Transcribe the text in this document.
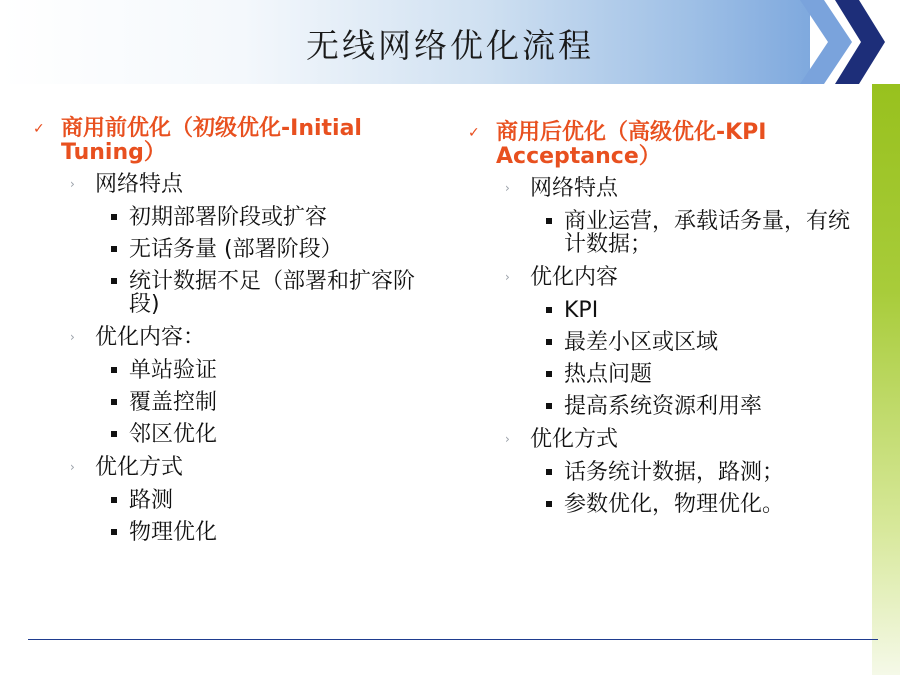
无线网络优化流程
✓ 商用前优化（初级优化-Initial Tuning）
› 网络特点
初期部署阶段或扩容
无话务量 (部署阶段）
统计数据不足（部署和扩容阶段)
› 优化内容：
单站验证
覆盖控制
邻区优化
› 优化方式
路测
物理优化
✓ 商用后优化（高级优化-KPI Acceptance）
› 网络特点
商业运营，承载话务量，有统计数据；
› 优化内容
KPI
最差小区或区域
热点问题
提高系统资源利用率
› 优化方式
话务统计数据，路测；
参数优化，物理优化。
